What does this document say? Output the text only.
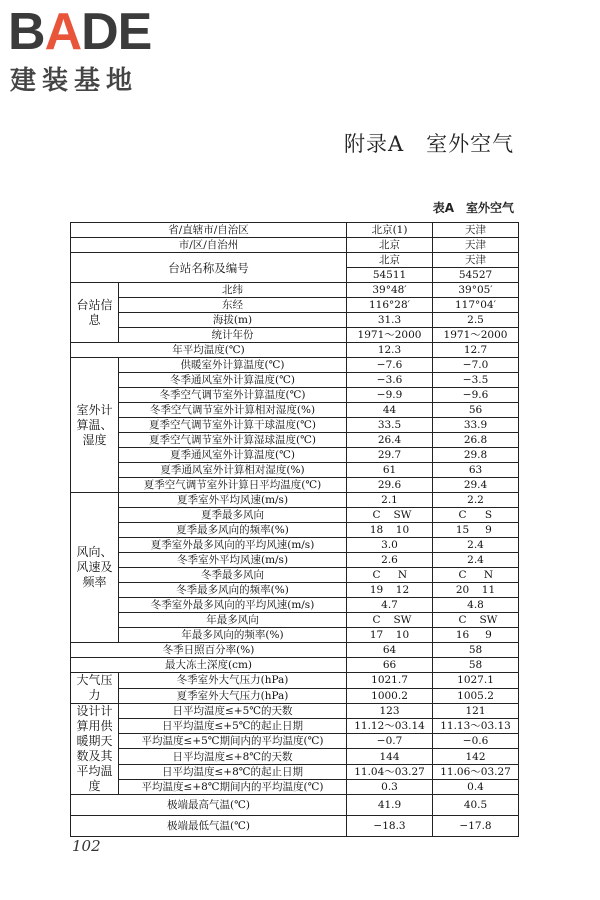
BADE
建装基地
附录A　室外空气
表A　室外空气
省/直辖市/自治区		北京(1)	天津
市/区/自治州		北京	天津
台站名称及编号		北京	天津
		54511	54527
台站信息	北纬	39°48′	39°05′
	东经	116°28′	117°04′
	海拔(m)	31.3	2.5
	统计年份	1971～2000	1971～2000
年平均温度(℃)		12.3	12.7
室外计算温、湿度	供暖室外计算温度(℃)	−7.6	−7.0
	冬季通风室外计算温度(℃)	−3.6	−3.5
	冬季空气调节室外计算温度(℃)	−9.9	−9.6
	冬季空气调节室外计算相对湿度(%)	44	56
	夏季空气调节室外计算干球温度(℃)	33.5	33.9
	夏季空气调节室外计算湿球温度(℃)	26.4	26.8
	夏季通风室外计算温度(℃)	29.7	29.8
	夏季通风室外计算相对湿度(%)	61	63
	夏季空气调节室外计算日平均温度(℃)	29.6	29.4
风向、风速及频率	夏季室外平均风速(m/s)	2.1	2.2
	夏季最多风向	C SW	C S
	夏季最多风向的频率(%)	18 10	15 9
	夏季室外最多风向的平均风速(m/s)	3.0	2.4
	冬季室外平均风速(m/s)	2.6	2.4
	冬季最多风向	C N	C N
	冬季最多风向的频率(%)	19 12	20 11
	冬季室外最多风向的平均风速(m/s)	4.7	4.8
	年最多风向	C SW	C SW
	年最多风向的频率(%)	17 10	16 9
冬季日照百分率(%)		64	58
最大冻土深度(cm)		66	58
大气压力	冬季室外大气压力(hPa)	1021.7	1027.1
	夏季室外大气压力(hPa)	1000.2	1005.2
设计计算用供暖期天数及其平均温度	日平均温度≤+5℃的天数	123	121
	日平均温度≤+5℃的起止日期	11.12～03.14	11.13～03.13
	平均温度≤+5℃期间内的平均温度(℃)	−0.7	−0.6
	日平均温度≤+8℃的天数	144	142
	日平均温度≤+8℃的起止日期	11.04～03.27	11.06～03.27
	平均温度≤+8℃期间内的平均温度(℃)	0.3	0.4
极端最高气温(℃)		41.9	40.5
极端最低气温(℃)		−18.3	−17.8
102
